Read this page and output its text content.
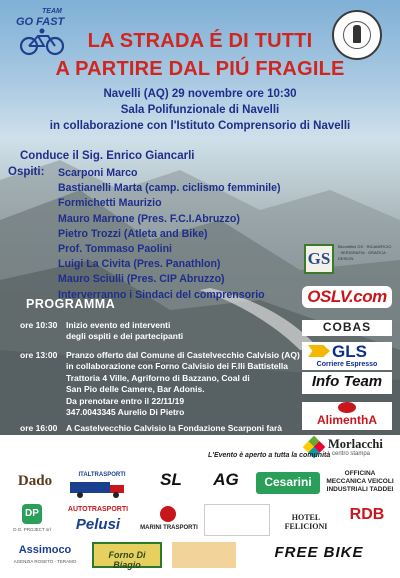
TEAM
GO FAST
LA STRADA É DI TUTTI
A PARTIRE DAL PIÚ FRAGILE
Navelli (AQ) 29 novembre ore 10:30
Sala Polifunzionale di Navelli
in collaborazione con l'Istituto Comprensorio di Navelli
Conduce il Sig. Enrico Giancarli
Ospiti: Scarponi Marco
Bastianelli Marta (camp. ciclismo femminile)
Formichetti Maurizio
Mauro Marrone (Pres. F.C.I.Abruzzo)
Pietro Trozzi (Atleta and Bike)
Prof. Tommaso Paolini
Luigi La Civita (Pres. Panathlon)
Mauro Sciulli (Pres. CIP Abruzzo)
Interverranno i Sindaci del comprensorio
GS
Bicomfitini GS · RICAMIFICIO · SERIGRAFIA · GRAFICA DESIGN
OSLV.com
COBAS
GLS
Corriere Espresso
Info Team
AlimenthA
Morlacchi
centro stampa
PROGRAMMA
ore 10:30	Inizio evento ed interventi
degli ospiti e dei partecipanti
ore 13:00	Pranzo offerto dal Comune di Castelvecchio Calvisio (AQ)
in collaborazione con Forno Calvisio dei F.lli Battistella
Trattoria 4 Ville, Agriforno di Bazzano, Coal di
San Pio delle Camere, Bar Adonis.
Da prenotare entro il 22/11/19
347.0043345 Aurelio Di Pietro
ore 16:00	A Castelvecchio Calvisio la Fondazione Scarponi farà
un dibattito sulla sicurezza stradale
L'Evento è aperto a tutta la comunità
Dado	ITALTRASPORTI	SL	AG	Cesarini
OFFICINA MECCANICA VEICOLI INDUSTRIALI TADDEI
DP
D.G. PROJECT srl
AUTOTRASPORTI
Pelusi	MARINI TRASPORTI
HOTEL FELICIONI
RDB
Assimoco
AGENZIA ROSETO · TERAMO
Forno Di Biagio
FREE BIKE
